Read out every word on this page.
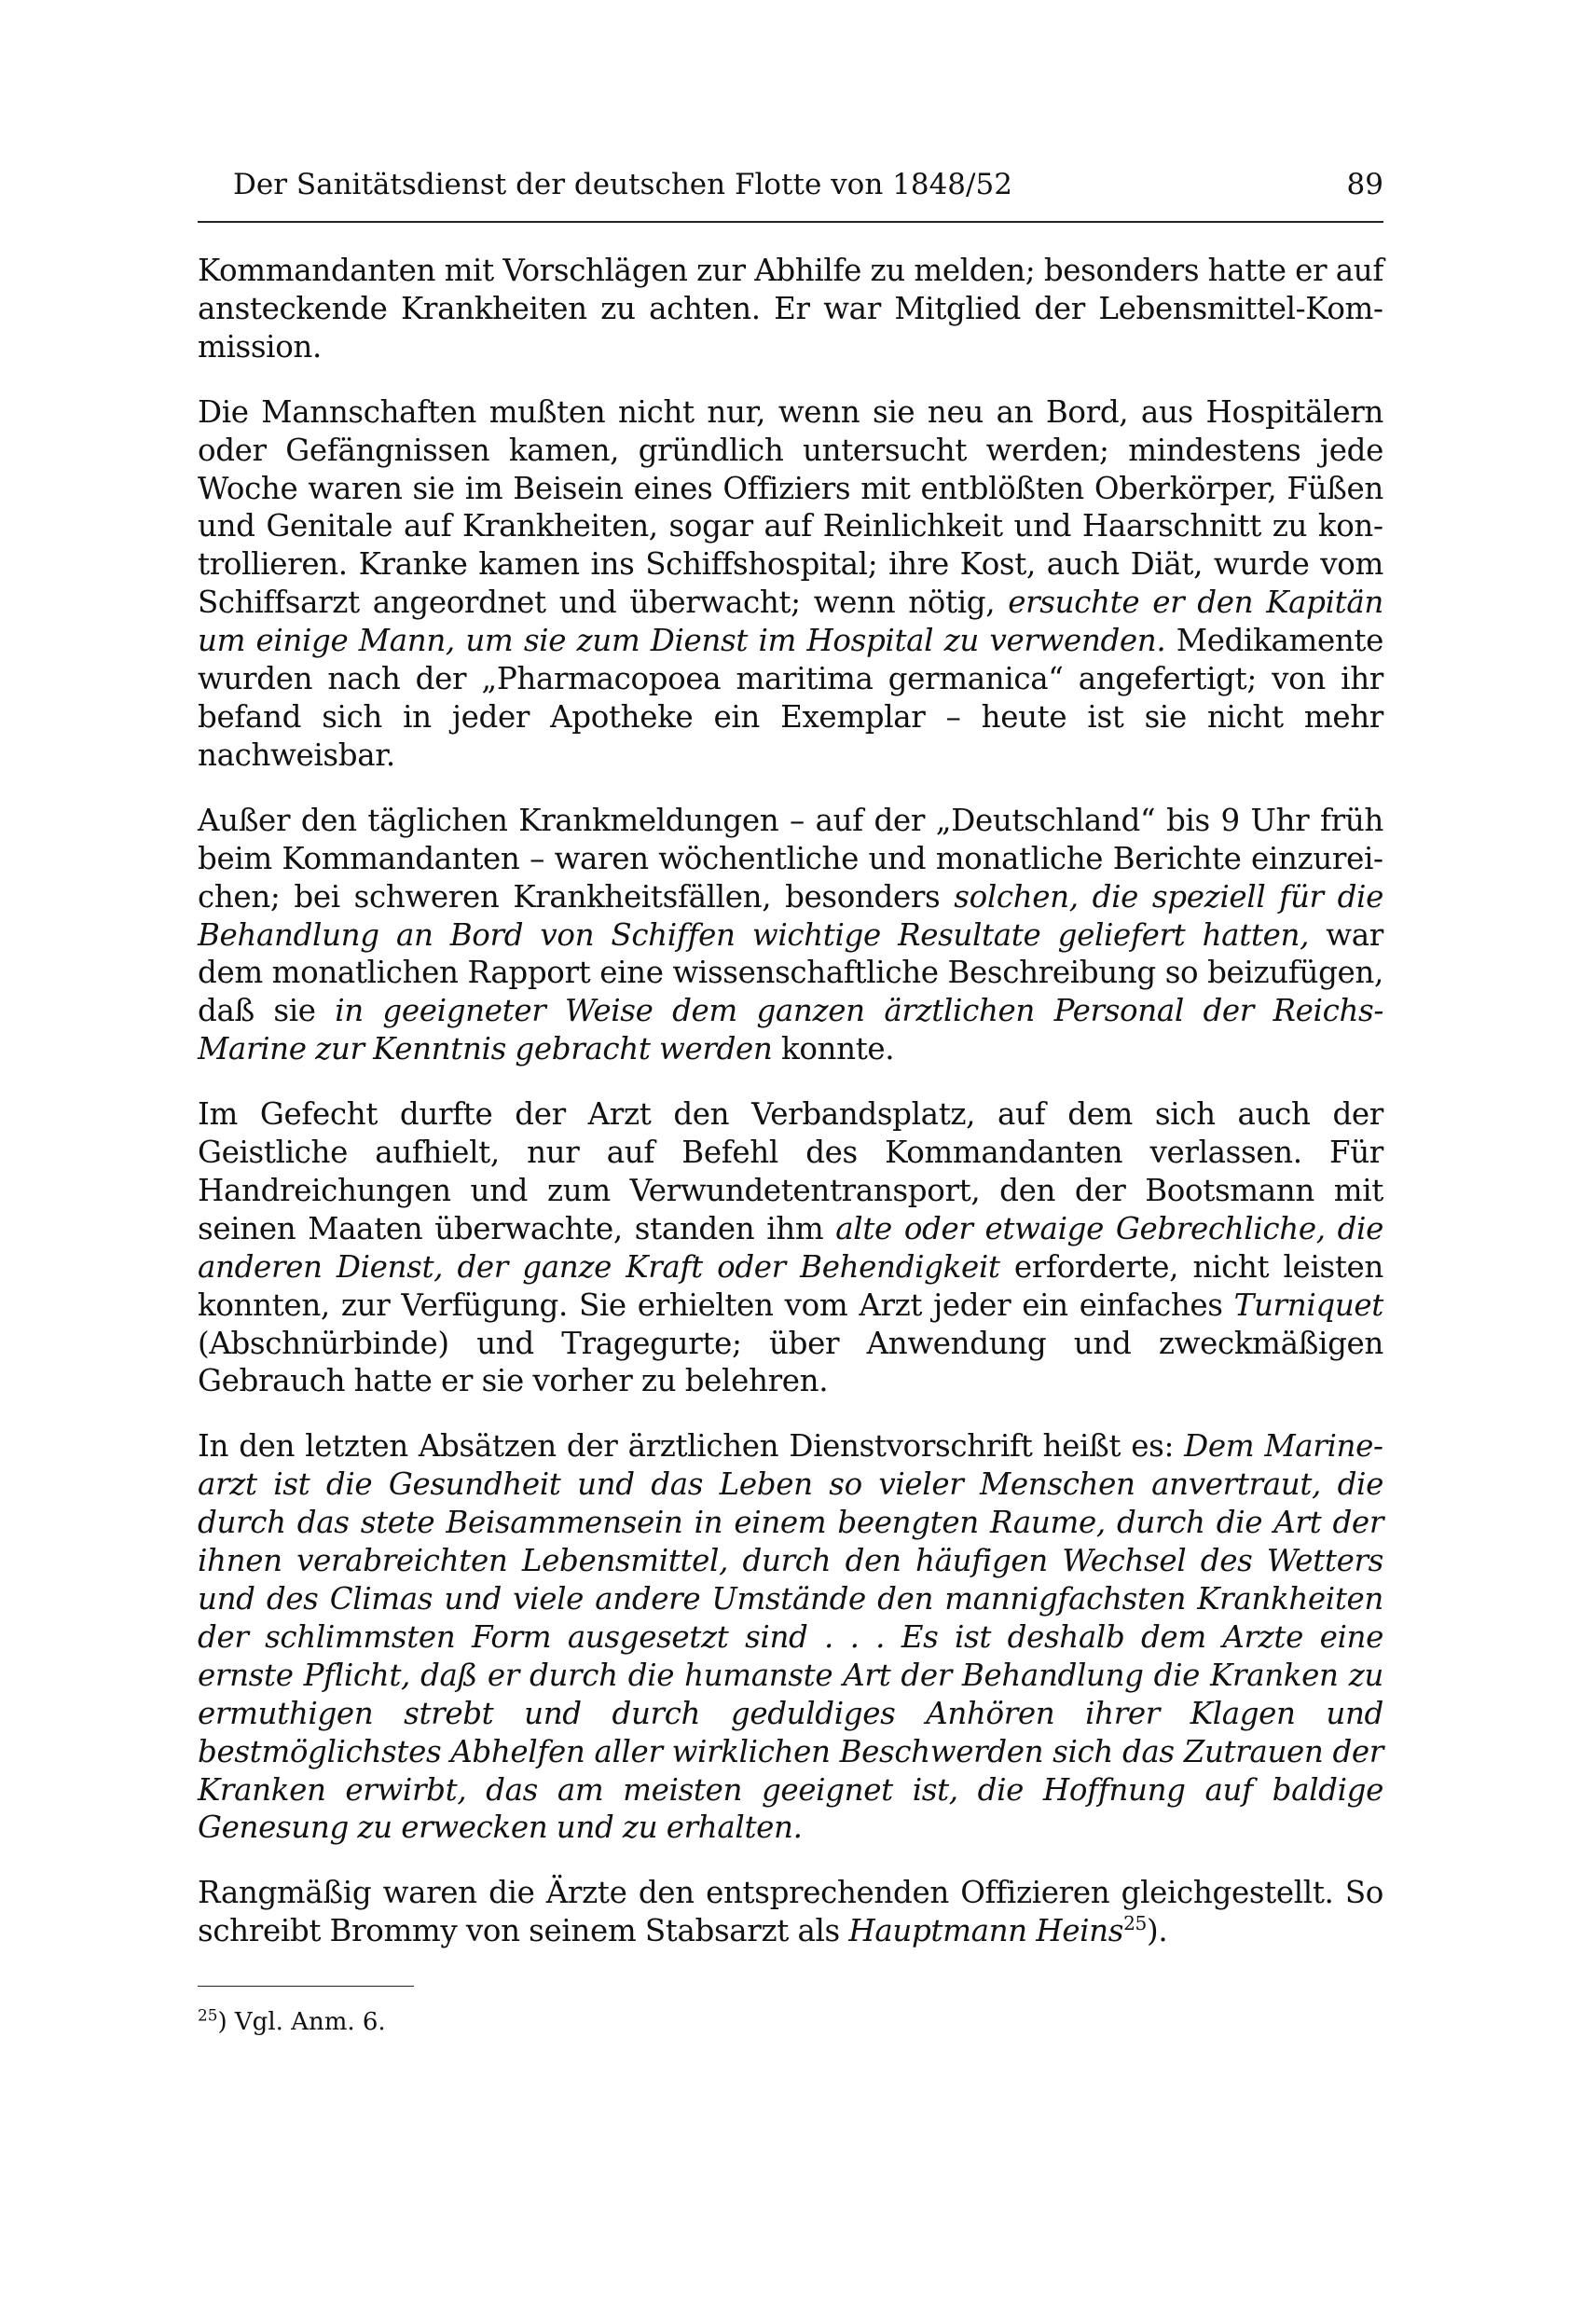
Der Sanitätsdienst der deutschen Flotte von 1848/52	89

Kommandanten mit Vorschlägen zur Abhilfe zu melden; besonders hatte er auf ansteckende Krankheiten zu achten. Er war Mitglied der Lebensmittel-Kommission.

Die Mannschaften mußten nicht nur, wenn sie neu an Bord, aus Hospitälern oder Gefängnissen kamen, gründlich untersucht werden; mindestens jede Woche waren sie im Beisein eines Offiziers mit entblößten Oberkörper, Füßen und Genitale auf Krankheiten, sogar auf Reinlichkeit und Haarschnitt zu kontrollieren. Kranke kamen ins Schiffshospital; ihre Kost, auch Diät, wurde vom Schiffsarzt angeordnet und überwacht; wenn nötig, ersuchte er den Kapitän um einige Mann, um sie zum Dienst im Hospital zu verwenden. Medikamente wurden nach der „Pharmacopoea maritima germanica“ angefertigt; von ihr befand sich in jeder Apotheke ein Exemplar – heute ist sie nicht mehr nachweisbar.

Außer den täglichen Krankmeldungen – auf der „Deutschland“ bis 9 Uhr früh beim Kommandanten – waren wöchentliche und monatliche Berichte einzureichen; bei schweren Krankheitsfällen, besonders solchen, die speziell für die Behandlung an Bord von Schiffen wichtige Resultate geliefert hatten, war dem monatlichen Rapport eine wissenschaftliche Beschreibung so beizufügen, daß sie in geeigneter Weise dem ganzen ärztlichen Personal der Reichs-Marine zur Kenntnis gebracht werden konnte.

Im Gefecht durfte der Arzt den Verbandsplatz, auf dem sich auch der Geistliche aufhielt, nur auf Befehl des Kommandanten verlassen. Für Handreichungen und zum Verwundetentransport, den der Bootsmann mit seinen Maaten überwachte, standen ihm alte oder etwaige Gebrechliche, die anderen Dienst, der ganze Kraft oder Behendigkeit erforderte, nicht leisten konnten, zur Verfügung. Sie erhielten vom Arzt jeder ein einfaches Turniquet (Abschnürbinde) und Tragegurte; über Anwendung und zweckmäßigen Gebrauch hatte er sie vorher zu belehren.

In den letzten Absätzen der ärztlichen Dienstvorschrift heißt es: Dem Marinearzt ist die Gesundheit und das Leben so vieler Menschen anvertraut, die durch das stete Beisammensein in einem beengten Raume, durch die Art der ihnen verabreichten Lebensmittel, durch den häufigen Wechsel des Wetters und des Climas und viele andere Umstände den mannigfachsten Krankheiten der schlimmsten Form ausgesetzt sind . . . Es ist deshalb dem Arzte eine ernste Pflicht, daß er durch die humanste Art der Behandlung die Kranken zu ermuthigen strebt und durch geduldiges Anhören ihrer Klagen und bestmöglichstes Abhelfen aller wirklichen Beschwerden sich das Zutrauen der Kranken erwirbt, das am meisten geeignet ist, die Hoffnung auf baldige Genesung zu erwecken und zu erhalten.

Rangmäßig waren die Ärzte den entsprechenden Offizieren gleichgestellt. So schreibt Brommy von seinem Stabsarzt als Hauptmann Heins$^{25}$).

$^{25}$) Vgl. Anm. 6.
